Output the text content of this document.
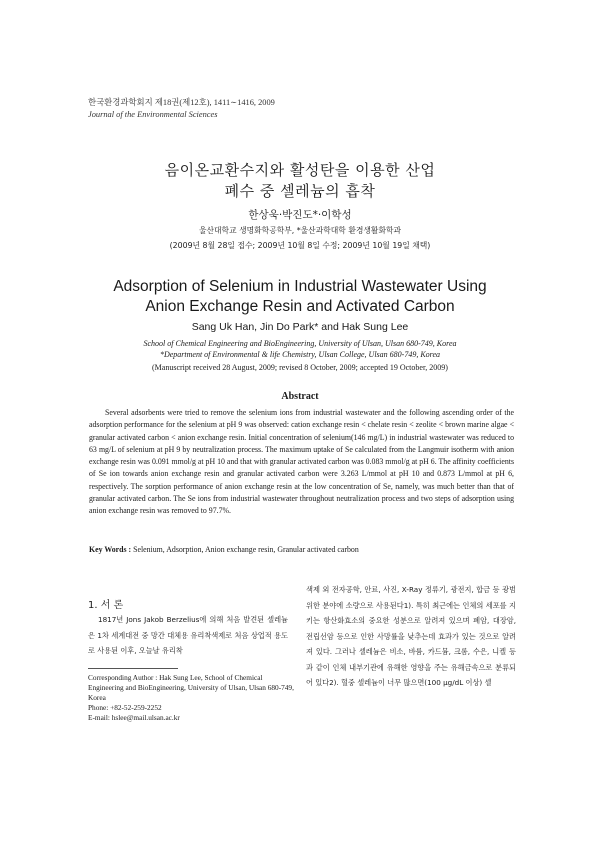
한국환경과학회지 제18권(제12호), 1411∼1416, 2009
Journal of the Environmental Sciences
음이온교환수지와 활성탄을 이용한 산업
폐수 중 셀레늄의 흡착
한상욱·박진도*·이학성
울산대학교 생명화학공학부, *울산과학대학 환경생활화학과
(2009년 8월 28일 접수; 2009년 10월 8일 수정; 2009년 10월 19일 채택)
Adsorption of Selenium in Industrial Wastewater Using
Anion Exchange Resin and Activated Carbon
Sang Uk Han, Jin Do Park* and Hak Sung Lee
School of Chemical Engineering and BioEngineering, University of Ulsan, Ulsan 680-749, Korea
*Department of Environmental & life Chemistry, Ulsan College, Ulsan 680-749, Korea
(Manuscript received 28 August, 2009; revised 8 October, 2009; accepted 19 October, 2009)
Abstract
Several adsorbents were tried to remove the selenium ions from industrial wastewater and the following ascending order of the adsorption performance for the selenium at pH 9 was observed: cation exchange resin < chelate resin < zeolite < brown marine algae < granular activated carbon < anion exchange resin. Initial concentration of selenium(146 mg/L) in industrial wastewater was reduced to 63 mg/L of selenium at pH 9 by neutralization process. The maximum uptake of Se calculated from the Langmuir isotherm with anion exchange resin was 0.091 mmol/g at pH 10 and that with granular activated carbon was 0.083 mmol/g at pH 6. The affinity coefficients of Se ion towards anion exchange resin and granular activated carbon were 3.263 L/mmol at pH 10 and 0.873 L/mmol at pH 6, respectively. The sorption performance of anion exchange resin at the low concentration of Se, namely, was much better than that of granular activated carbon. The Se ions from industrial wastewater throughout neutralization process and two steps of adsorption using anion exchange resin was removed to 97.7%.
Key Words : Selenium, Adsorption, Anion exchange resin, Granular activated carbon
1. 서 론
1817년 Jons Jakob Berzelius에 의해 처음 발견된 셀레늄은 1차 세계대전 중 망간 대체용 유리착색제로 처음 상업적 용도로 사용된 이후, 오늘날 유리착
Corresponding Author : Hak Sung Lee, School of Chemical Engineering and BioEngineering, University of Ulsan, Ulsan 680-749, Korea
Phone: +82-52-259-2252
E-mail: hslee@mail.ulsan.ac.kr
색제 외 전자공학, 안료, 사진, X-Ray 정류기, 광전지, 합금 등 광범위한 분야에 소량으로 사용된다1). 특히 최근에는 인체의 세포를 지키는 항산화효소의 중요한 성분으로 알려져 있으며 폐암, 대장암, 전립선암 등으로 인한 사망률을 낮추는데 효과가 있는 것으로 알려져 있다. 그러나 셀레늄은 비소, 바륨, 카드뮴, 크롬, 수은, 니켈 등과 같이 인체 내부기관에 유해한 영향을 주는 유해금속으로 분류되어 있다2). 혈중 셀레늄이 너무 많으면(100 μg/dL 이상) 셀
